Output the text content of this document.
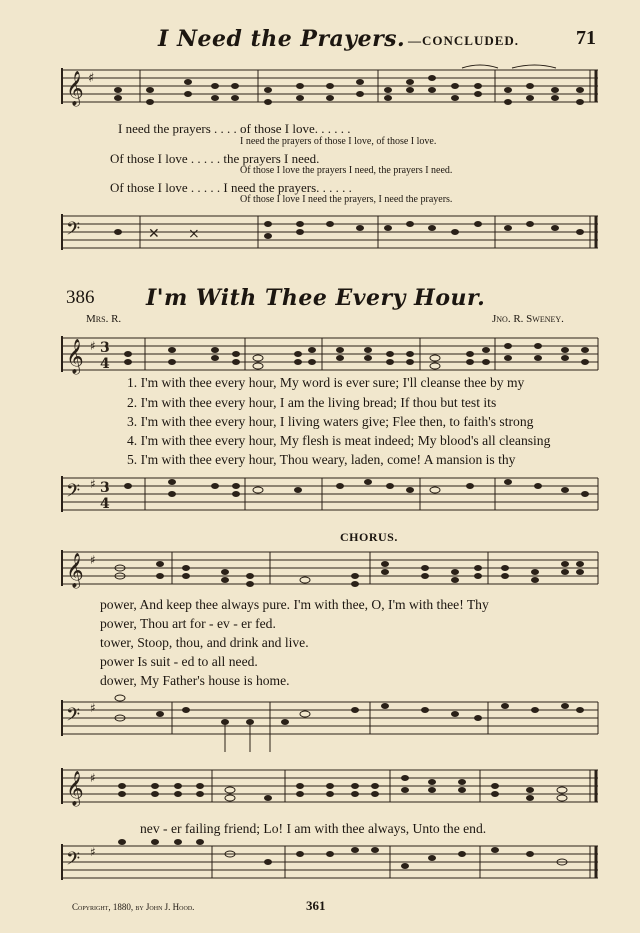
I Need the Prayers. —CONCLUDED.	71
𝄞 ♯
I need the prayers . . . . of those I love. . . . . .
I need the prayers of those I love, of those I love.
Of those I love . . . . . the prayers I need.
Of those I love the prayers I need, the prayers I need.
Of those I love . . . . . I need the prayers. . . . . .
Of those I love I need the prayers, I need the prayers.
𝄢	✕ ⨯
386 I'm With Thee Every Hour.
Mrs. R.	Jno. R. Sweney.
𝄞 ♯ 3
4
1. I'm with thee every hour, My word is ever sure; I'll cleanse thee by my
2. I'm with thee every hour, I am the living bread; If thou but test its
3. I'm with thee every hour, I living waters give; Flee then, to faith's strong
4. I'm with thee every hour, My flesh is meat indeed; My blood's all cleansing
5. I'm with thee every hour, Thou weary, laden, come! A mansion is thy
𝄢 ♯ 3
4
CHORUS.
𝄞 ♯
power, And keep thee always pure. I'm with thee, O, I'm with thee! Thy
power, Thou art for - ev - er fed.
tower, Stoop, thou, and drink and live.
power Is suit - ed to all need.
dower, My Father's house is home.
𝄢 ♯
𝄞 ♯
nev - er failing friend; Lo! I am with thee always, Unto the end.
𝄢 ♯
Copyright, 1880, by John J. Hood.	361
